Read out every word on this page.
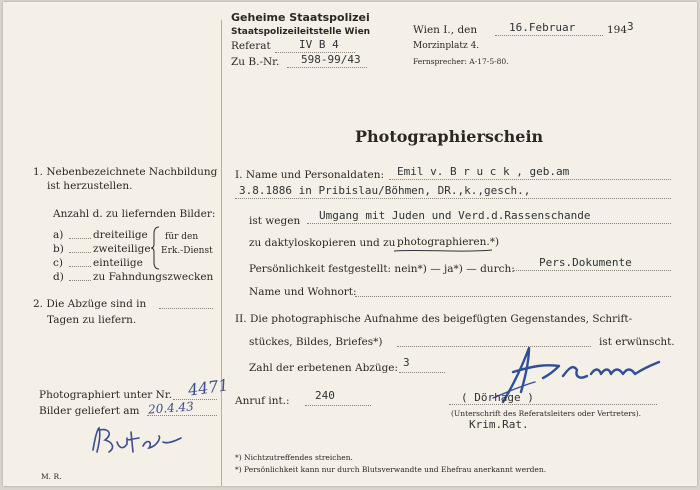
Geheime Staatspolizei
Staatspolizeileitstelle Wien
Referat	IV B 4
Zu B.-Nr. 598-99/43
Wien I., den	16.Februar	194 3
Morzinplatz 4.
Fernsprecher: A-17-5-80.
Photographierschein
1. Nebenbezeichnete Nachbildung
ist herzustellen.
Anzahl d. zu liefernden Bilder:
a)	dreiteilige
b)	zweiteilige
c)	einteilige
d)	zu Fahndungszwecken
für den
Erk.-Dienst
2. Die Abzüge sind in
Tagen zu liefern.
Photographiert unter Nr. 4471
Bilder geliefert am 20.4.43
M. R.
I. Name und Personaldaten: Emil v. B r u c k , geb.am
3.8.1886 in Pribislau/Böhmen, DR.,k.,gesch.,
ist wegen Umgang mit Juden und Verd.d.Rassenschande
zu daktyloskopieren und zu photographieren.*)
Persönlichkeit festgestellt: nein*) — ja*) — durch: Pers.Dokumente
Name und Wohnort:
II. Die photographische Aufnahme des beigefügten Gegenstandes, Schrift-
stückes, Bildes, Briefes*)	ist erwünscht.
Zahl der erbetenen Abzüge: 3
Anruf int.: 240	( Dörhage )
(Unterschrift des Referatsleiters oder Vertreters).
Krim.Rat.
*) Nichtzutreffendes streichen.
*) Persönlichkeit kann nur durch Blutsverwandte und Ehefrau anerkannt werden.
